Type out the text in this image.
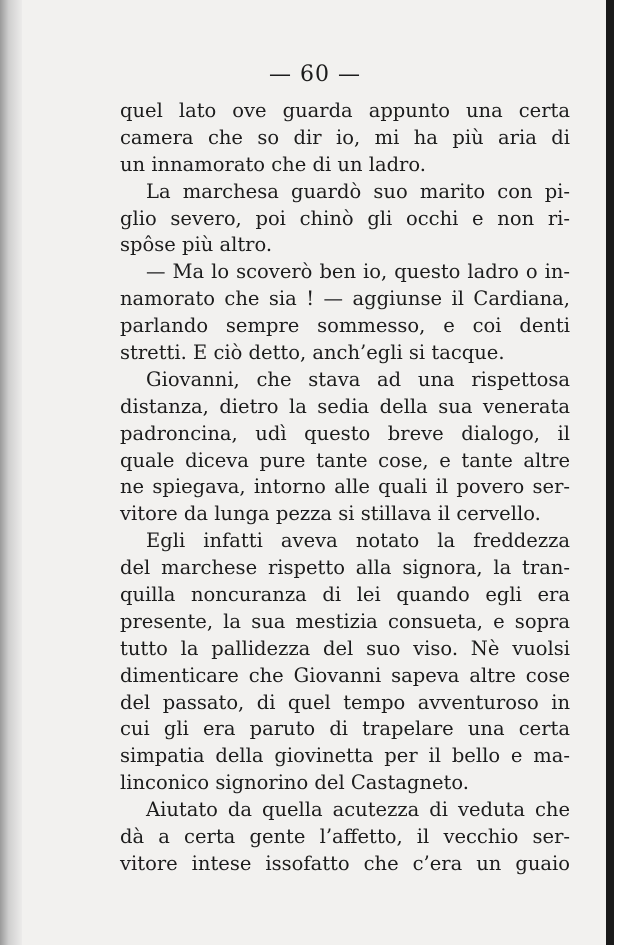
— 60 —
quel lato ove guarda appunto una certa
camera che so dir io, mi ha più aria di
un innamorato che di un ladro.
La marchesa guardò suo marito con pi-
glio severo, poi chinò gli occhi e non ri-
spôse più altro.
— Ma lo scoverò ben io, questo ladro o in-
namorato che sia ! — aggiunse il Cardiana,
parlando sempre sommesso, e coi denti
stretti. E ciò detto, anch’egli si tacque.
Giovanni, che stava ad una rispettosa
distanza, dietro la sedia della sua venerata
padroncina, udì questo breve dialogo, il
quale diceva pure tante cose, e tante altre
ne spiegava, intorno alle quali il povero ser-
vitore da lunga pezza si stillava il cervello.
Egli infatti aveva notato la freddezza
del marchese rispetto alla signora, la tran-
quilla noncuranza di lei quando egli era
presente, la sua mestizia consueta, e sopra
tutto la pallidezza del suo viso. Nè vuolsi
dimenticare che Giovanni sapeva altre cose
del passato, di quel tempo avventuroso in
cui gli era paruto di trapelare una certa
simpatia della giovinetta per il bello e ma-
linconico signorino del Castagneto.
Aiutato da quella acutezza di veduta che
dà a certa gente l’affetto, il vecchio ser-
vitore intese issofatto che c’era un guaio
